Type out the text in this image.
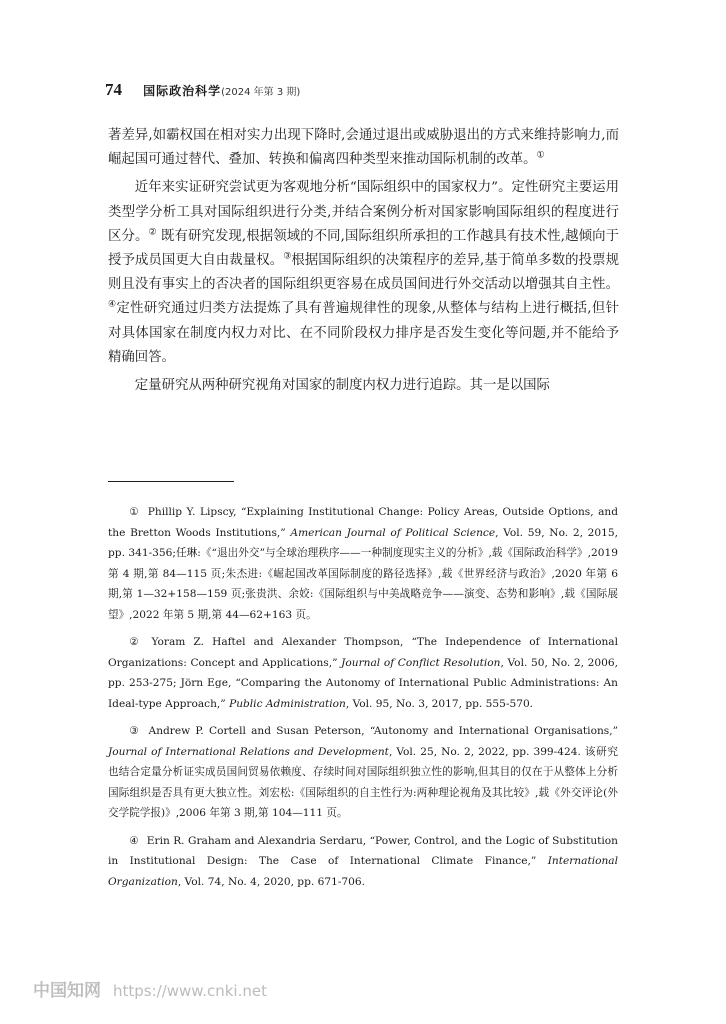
74 国际政治科学(2024 年第 3 期)

著差异,如霸权国在相对实力出现下降时,会通过退出或威胁退出的方式来维持影响力,而崛起国可通过替代、叠加、转换和偏离四种类型来推动国际机制的改革。①

近年来实证研究尝试更为客观地分析“国际组织中的国家权力”。定性研究主要运用类型学分析工具对国际组织进行分类,并结合案例分析对国家影响国际组织的程度进行区分。② 既有研究发现,根据领域的不同,国际组织所承担的工作越具有技术性,越倾向于授予成员国更大自由裁量权。③根据国际组织的决策程序的差异,基于简单多数的投票规则且没有事实上的否决者的国际组织更容易在成员国间进行外交活动以增强其自主性。④定性研究通过归类方法提炼了具有普遍规律性的现象,从整体与结构上进行概括,但针对具体国家在制度内权力对比、在不同阶段权力排序是否发生变化等问题,并不能给予精确回答。

定量研究从两种研究视角对国家的制度内权力进行追踪。其一是以国际

① Phillip Y. Lipscy, “Explaining Institutional Change: Policy Areas, Outside Options, and the Bretton Woods Institutions,” American Journal of Political Science, Vol. 59, No. 2, 2015, pp. 341-356;任琳:《“退出外交”与全球治理秩序——一种制度现实主义的分析》,载《国际政治科学》,2019 第 4 期,第 84—115 页;朱杰进:《崛起国改革国际制度的路径选择》,载《世界经济与政治》,2020 年第 6 期,第 1—32+158—159 页;张贵洪、余姣:《国际组织与中美战略竞争——演变、态势和影响》,载《国际展望》,2022 年第 5 期,第 44—62+163 页。

② Yoram Z. Haftel and Alexander Thompson, “The Independence of International Organizations: Concept and Applications,” Journal of Conflict Resolution, Vol. 50, No. 2, 2006, pp. 253-275; Jörn Ege, “Comparing the Autonomy of International Public Administrations: An Ideal-type Approach,” Public Administration, Vol. 95, No. 3, 2017, pp. 555-570.

③ Andrew P. Cortell and Susan Peterson, “Autonomy and International Organisations,” Journal of International Relations and Development, Vol. 25, No. 2, 2022, pp. 399-424. 该研究也结合定量分析证实成员国间贸易依赖度、存续时间对国际组织独立性的影响,但其目的仅在于从整体上分析国际组织是否具有更大独立性。刘宏松:《国际组织的自主性行为:两种理论视角及其比较》,载《外交评论(外交学院学报)》,2006 年第 3 期,第 104—111 页。

④ Erin R. Graham and Alexandria Serdaru, “Power, Control, and the Logic of Substitution in Institutional Design: The Case of International Climate Finance,” International Organization, Vol. 74, No. 4, 2020, pp. 671-706.

中国知网 https://www.cnki.net
